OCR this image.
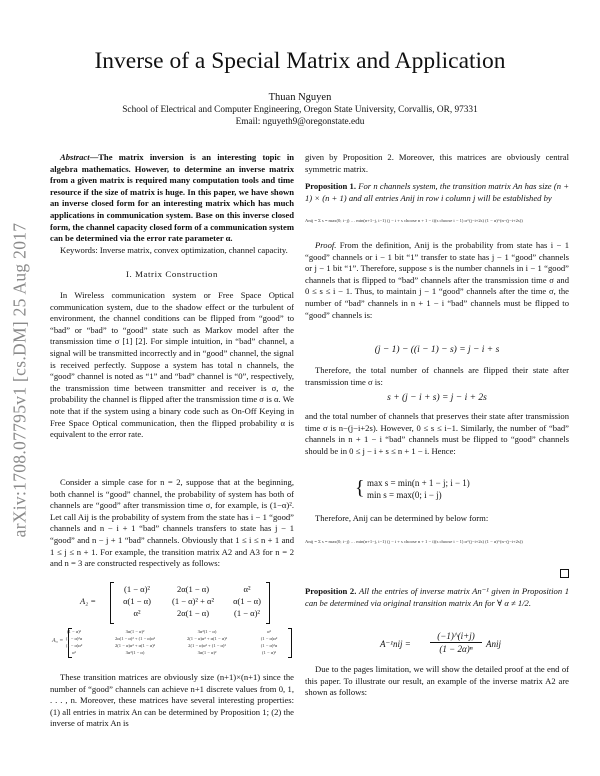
arXiv:1708.07795v1 [cs.DM] 25 Aug 2017
Inverse of a Special Matrix and Application
Thuan Nguyen
School of Electrical and Computer Engineering, Oregon State University, Corvallis, OR, 97331
Email: nguyeth9@oregonstate.edu

Abstract—The matrix inversion is an interesting topic in algebra mathematics. However, to determine an inverse matrix from a given matrix is required many computation tools and time resource if the size of matrix is huge. In this paper, we have shown an inverse closed form for an interesting matrix which has much applications in communication system. Base on this inverse closed form, the channel capacity closed form of a communication system can be determined via the error rate parameter α.

Keywords: Inverse matrix, convex optimization, channel capacity.

I. Matrix Construction

In Wireless communication system or Free Space Optical communication system, due to the shadow effect or the turbulent of environment, the channel conditions can be flipped from “good” to “bad” or “bad” to “good” state such as Markov model after the transmission time σ [1] [2]. For simple intuition, in “bad” channel, a signal will be transmitted incorrectly and in “good” channel, the signal is received perfectly. Suppose a system has total n channels, the “good” channel is noted as “1” and “bad” channel is “0”, respectively, the transmission time between transmitter and receiver is σ, the probability the channel is flipped after the transmission time σ is α. We note that if the system using a binary code such as On-Off Keying in Free Space Optical communication, then the flipped probability α is equivalent to the error rate.

Consider a simple case for n = 2, suppose that at the beginning, both channel is “good” channel, the probability of system has both of channels are “good” after transmission time σ, for example, is (1−α)². Let call Aij is the probability of system from the state has i − 1 “good” channels and n − i + 1 “bad” channels transfers to state has j − 1 “good” and n − j + 1 “bad” channels. Obviously that 1 ≤ i ≤ n + 1 and 1 ≤ j ≤ n + 1. For example, the transition matrix A2 and A3 for n = 2 and n = 3 are constructed respectively as follows:

A₂ =
(1 − α)²	2α(1 − α)	α²
α(1 − α)	(1 − α)² + α²	α(1 − α)
α²	2α(1 − α)	(1 − α)²
A₃ =
(1 − α)³	3α(1 − α)²	3α²(1 − α)	α³
(1 − α)²α	2α(1 − α)² + (1 − α)α²	2(1 − α)α² + α(1 − α)²	(1 − α)α²
(1 − α)α²	2(1 − α)α² + α(1 − α)²	2(1 − α)α² + (1 − α)³	(1 − α)²α
α³	3α²(1 − α)	3α(1 − α)²	(1 − α)³

These transition matrices are obviously size (n+1)×(n+1) since the number of “good” channels can achieve n+1 discrete values from 0, 1, . . . , n. Moreover, these matrices have several interesting properties: (1) all entries in matrix An can be determined by Proposition 1; (2) the inverse of matrix An is

given by Proposition 2. Moreover, this matrices are obviously central symmetric matrix.

Proposition 1. For n channels system, the transition matrix An has size (n + 1) × (n + 1) and all entries Anij in row i column j will be established by

Anij = Σ s = max(0; i−j) … min(n+1−j, i−1) (j − i + s choose n + 1 − i)(s choose i − 1) α^(j−i+2s) (1 − α)^(n−(j−i+2s))

Proof. From the definition, Anij is the probability from state has i − 1 “good” channels or i − 1 bit “1” transfer to state has j − 1 “good” channels or j − 1 bit “1”. Therefore, suppose s is the number channels in i − 1 “good” channels that is flipped to “bad” channels after the transmission time σ and 0 ≤ s ≤ i − 1. Thus, to maintain j − 1 “good” channels after the time σ, the number of “bad” channels in n + 1 − i “bad” channels must be flipped to “good” channels is:

(j − 1) − ((i − 1) − s) = j − i + s

Therefore, the total number of channels are flipped their state after transmission time σ is:

s + (j − i + s) = j − i + 2s

and the total number of channels that preserves their state after transmission time σ is n−(j−i+2s). However, 0 ≤ s ≤ i−1. Similarly, the number of “bad” channels in n + 1 − i “bad” channels must be flipped to “good” channels should be in 0 ≤ j − i + s ≤ n + 1 − i. Hence:

{ max s = min(n + 1 − j; i − 1)
min s = max(0; i − j)

Therefore, Anij can be determined by below form:

Anij = Σ s = max(0; i−j) … min(n+1−j, i−1) (j − i + s choose n + 1 − i)(s choose i − 1) α^(j−i+2s) (1 − α)^(n−(j−i+2s))

Proposition 2. All the entries of inverse matrix An⁻¹ given in Proposition 1 can be determined via original transition matrix An for ∀ α ≠ 1/2.

A⁻¹nij =
(−1)^(i+j)
(1 − 2α)ⁿ	Anij

Due to the pages limitation, we will show the detailed proof at the end of this paper. To illustrate our result, an example of the inverse matrix A2 are shown as follows:
